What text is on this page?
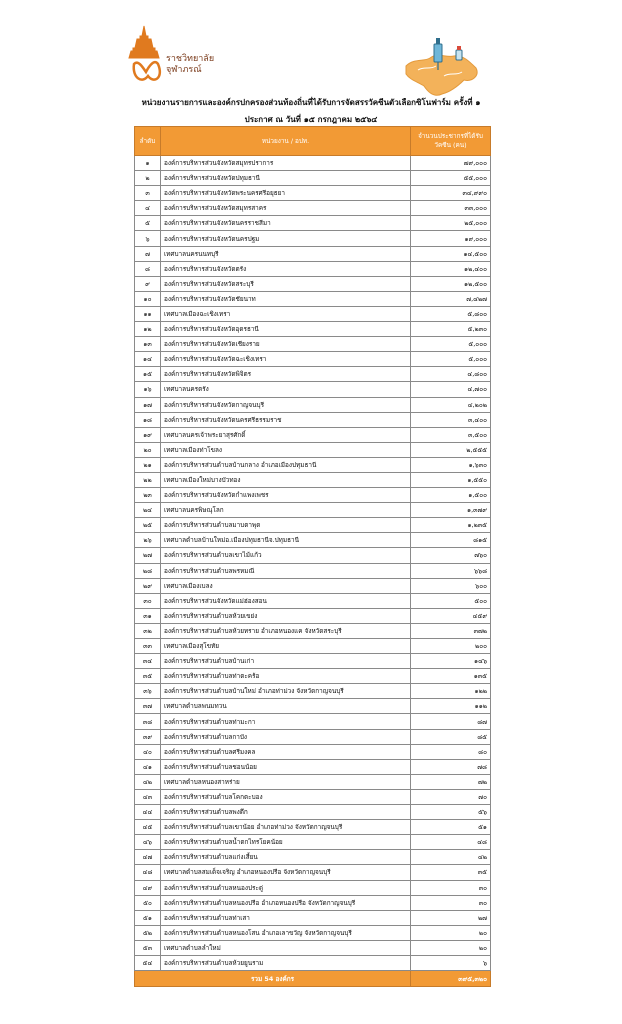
ราชวิทยาลัย
จุฬาภรณ์
หน่วยงานรายการและองค์กรปกครองส่วนท้องถิ่นที่ได้รับการจัดสรรวัคซีนตัวเลือกซิโนฟาร์ม ครั้งที่ ๑
ประกาศ ณ วันที่ ๑๕ กรกฎาคม ๒๕๖๔
ลำดับ	หน่วยงาน / อปท.	จำนวนประชากรที่ได้รับวัคซีน (คน)
๑	องค์การบริหารส่วนจังหวัดสมุทรปราการ	๗๙,๐๐๐
๒	องค์การบริหารส่วนจังหวัดปทุมธานี	๕๕,๐๐๐
๓	องค์การบริหารส่วนจังหวัดพระนครศรีอยุธยา	๓๔,๙๙๐
๔	องค์การบริหารส่วนจังหวัดสมุทรสาคร	๓๓,๐๐๐
๕	องค์การบริหารส่วนจังหวัดนครราชสีมา	๒๕,๐๐๐
๖	องค์การบริหารส่วนจังหวัดนครปฐม	๑๙,๐๐๐
๗	เทศบาลนครนนทบุรี	๑๔,๕๐๐
๘	องค์การบริหารส่วนจังหวัดตรัง	๑๒,๔๐๐
๙	องค์การบริหารส่วนจังหวัดสระบุรี	๑๒,๕๐๐
๑๐	องค์การบริหารส่วนจังหวัดชัยนาท	๗,๔๒๗
๑๑	เทศบาลเมืองฉะเชิงเทรา	๕,๘๐๐
๑๒	องค์การบริหารส่วนจังหวัดอุดรธานี	๕,๒๓๐
๑๓	องค์การบริหารส่วนจังหวัดเชียงราย	๕,๐๐๐
๑๔	องค์การบริหารส่วนจังหวัดฉะเชิงเทรา	๕,๐๐๐
๑๕	องค์การบริหารส่วนจังหวัดพิจิตร	๔,๘๐๐
๑๖	เทศบาลนครตรัง	๔,๗๐๐
๑๗	องค์การบริหารส่วนจังหวัดกาญจนบุรี	๔,๒๐๒
๑๘	องค์การบริหารส่วนจังหวัดนครศรีธรรมราช	๓,๔๐๐
๑๙	เทศบาลนครเจ้าพระยาสุรศักดิ์	๓,๕๐๐
๒๐	เทศบาลเมืองท่าโขลง	๒,๕๕๕
๒๑	องค์การบริหารส่วนตำบลบ้านกลาง อำเภอเมืองปทุมธานี	๑,๖๓๐
๒๒	เทศบาลเมืองใหม่บางบัวทอง	๑,๕๕๐
๒๓	องค์การบริหารส่วนจังหวัดกำแพงเพชร	๑,๕๐๐
๒๔	เทศบาลนครพิษณุโลก	๑,๓๗๙
๒๕	องค์การบริหารส่วนตำบลมาบตาพุด	๑,๒๓๕
๒๖	เทศบาลตำบลบ้านใหม่อ.เมืองปทุมธานีจ.ปทุมธานี	๘๑๕
๒๗	องค์การบริหารส่วนตำบลเขาไม้แก้ว	๗๖๐
๒๘	องค์การบริหารส่วนตำบลพรหมณี	๖๖๘
๒๙	เทศบาลเมืองเบลง	๖๐๐
๓๐	องค์การบริหารส่วนจังหวัดแม่ฮ่องสอน	๕๐๐
๓๑	องค์การบริหารส่วนตำบลห้วยเขย่ง	๔๕๙
๓๒	องค์การบริหารส่วนตำบลห้วยทราย อำเภอหนองแค จังหวัดสระบุรี	๓๗๒
๓๓	เทศบาลเมืองสุโขทัย	๒๐๐
๓๔	องค์การบริหารส่วนตำบลบ้านเก่า	๑๔๖
๓๕	องค์การบริหารส่วนตำบลท่าตะคร้อ	๑๓๕
๓๖	องค์การบริหารส่วนตำบลบ้านใหม่ อำเภอท่าม่วง จังหวัดกาญจนบุรี	๑๒๒
๓๗	เทศบาลตำบลพนมทวน	๑๑๒
๓๘	องค์การบริหารส่วนตำบลท่ามะกา	๘๗
๓๙	องค์การบริหารส่วนตำบลกาบัง	๘๕
๔๐	องค์การบริหารส่วนตำบลศรีมงคล	๘๐
๔๑	องค์การบริหารส่วนตำบลชอนน้อย	๗๘
๔๒	เทศบาลตำบลหนองสาหร่าย	๗๒
๔๓	องค์การบริหารส่วนตำบลโคกตะบอง	๗๐
๔๔	องค์การบริหารส่วนตำบลพงตึก	๕๖
๔๕	องค์การบริหารส่วนตำบลเขาน้อย อำเภอท่าม่วง จังหวัดกาญจนบุรี	๕๑
๔๖	องค์การบริหารส่วนตำบลน้ำตกไทรโยคน้อย	๔๘
๔๗	องค์การบริหารส่วนตำบลแก่งเสี้ยน	๔๒
๔๘	เทศบาลตำบลสมเด็จเจริญ อำเภอหนองปรือ จังหวัดกาญจนบุรี	๓๕
๔๙	องค์การบริหารส่วนตำบลหนองประดู่	๓๐
๕๐	องค์การบริหารส่วนตำบลหนองปรือ อำเภอหนองปรือ จังหวัดกาญจนบุรี	๓๐
๕๑	องค์การบริหารส่วนตำบลท่าเสา	๒๗
๕๒	องค์การบริหารส่วนตำบลหนองโสน อำเภอเลาขวัญ จังหวัดกาญจนบุรี	๒๐
๕๓	เทศบาลตำบลลำใหม่	๒๐
๕๔	องค์การบริหารส่วนตำบลห้วยยูนราม	๖
รวม 54 องค์กร		๓๙๕,๓๒๐
